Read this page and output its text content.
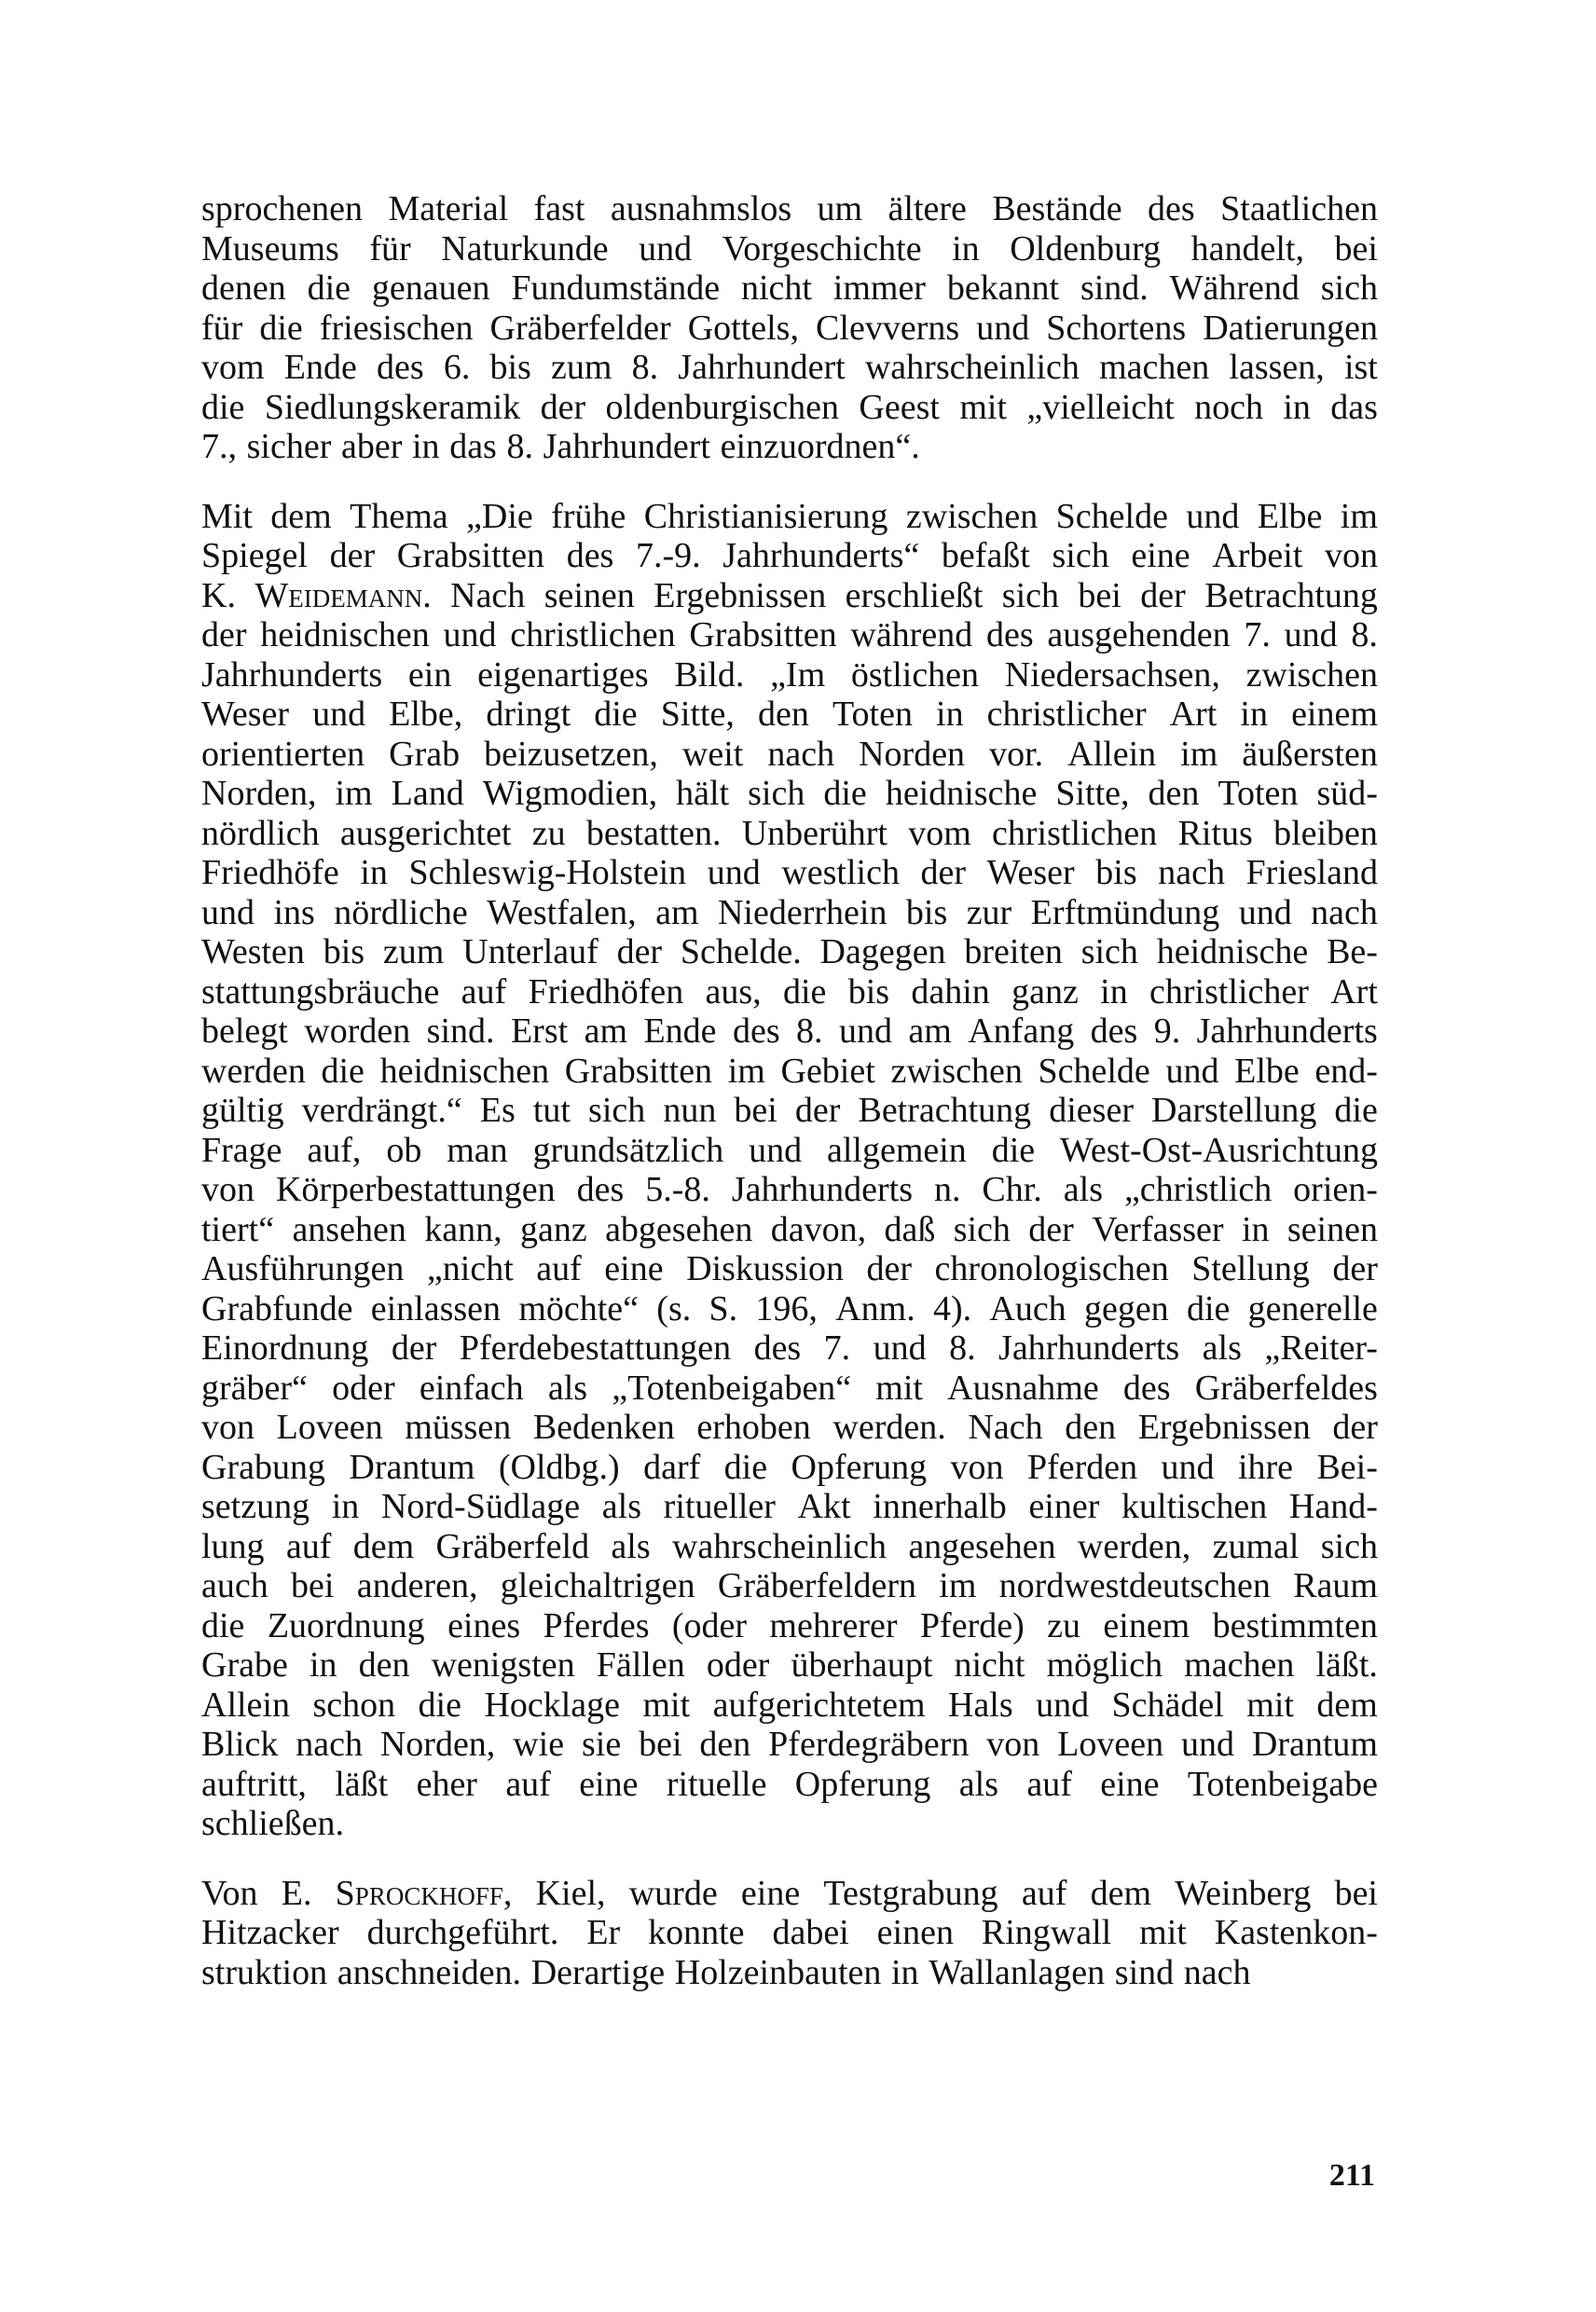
sprochenen Material fast ausnahmslos um ältere Bestände des Staatlichen
Museums für Naturkunde und Vorgeschichte in Oldenburg handelt, bei
denen die genauen Fundumstände nicht immer bekannt sind. Während sich
für die friesischen Gräberfelder Gottels, Clevverns und Schortens Datierungen
vom Ende des 6. bis zum 8. Jahrhundert wahrscheinlich machen lassen, ist
die Siedlungskeramik der oldenburgischen Geest mit „vielleicht noch in das
7., sicher aber in das 8. Jahrhundert einzuordnen“.
Mit dem Thema „Die frühe Christianisierung zwischen Schelde und Elbe im
Spiegel der Grabsitten des 7.-9. Jahrhunderts“ befaßt sich eine Arbeit von
K. Weidemann. Nach seinen Ergebnissen erschließt sich bei der Betrachtung
der heidnischen und christlichen Grabsitten während des ausgehenden 7. und 8.
Jahrhunderts ein eigenartiges Bild. „Im östlichen Niedersachsen, zwischen
Weser und Elbe, dringt die Sitte, den Toten in christlicher Art in einem
orientierten Grab beizusetzen, weit nach Norden vor. Allein im äußersten
Norden, im Land Wigmodien, hält sich die heidnische Sitte, den Toten süd-
nördlich ausgerichtet zu bestatten. Unberührt vom christlichen Ritus bleiben
Friedhöfe in Schleswig-Holstein und westlich der Weser bis nach Friesland
und ins nördliche Westfalen, am Niederrhein bis zur Erftmündung und nach
Westen bis zum Unterlauf der Schelde. Dagegen breiten sich heidnische Be-
stattungsbräuche auf Friedhöfen aus, die bis dahin ganz in christlicher Art
belegt worden sind. Erst am Ende des 8. und am Anfang des 9. Jahrhunderts
werden die heidnischen Grabsitten im Gebiet zwischen Schelde und Elbe end-
gültig verdrängt.“ Es tut sich nun bei der Betrachtung dieser Darstellung die
Frage auf, ob man grundsätzlich und allgemein die West-Ost-Ausrichtung
von Körperbestattungen des 5.-8. Jahrhunderts n. Chr. als „christlich orien-
tiert“ ansehen kann, ganz abgesehen davon, daß sich der Verfasser in seinen
Ausführungen „nicht auf eine Diskussion der chronologischen Stellung der
Grabfunde einlassen möchte“ (s. S. 196, Anm. 4). Auch gegen die generelle
Einordnung der Pferdebestattungen des 7. und 8. Jahrhunderts als „Reiter-
gräber“ oder einfach als „Totenbeigaben“ mit Ausnahme des Gräberfeldes
von Loveen müssen Bedenken erhoben werden. Nach den Ergebnissen der
Grabung Drantum (Oldbg.) darf die Opferung von Pferden und ihre Bei-
setzung in Nord-Südlage als ritueller Akt innerhalb einer kultischen Hand-
lung auf dem Gräberfeld als wahrscheinlich angesehen werden, zumal sich
auch bei anderen, gleichaltrigen Gräberfeldern im nordwestdeutschen Raum
die Zuordnung eines Pferdes (oder mehrerer Pferde) zu einem bestimmten
Grabe in den wenigsten Fällen oder überhaupt nicht möglich machen läßt.
Allein schon die Hocklage mit aufgerichtetem Hals und Schädel mit dem
Blick nach Norden, wie sie bei den Pferdegräbern von Loveen und Drantum
auftritt, läßt eher auf eine rituelle Opferung als auf eine Totenbeigabe
schließen.
Von E. Sprockhoff, Kiel, wurde eine Testgrabung auf dem Weinberg bei
Hitzacker durchgeführt. Er konnte dabei einen Ringwall mit Kastenkon-
struktion anschneiden. Derartige Holzeinbauten in Wallanlagen sind nach
211
